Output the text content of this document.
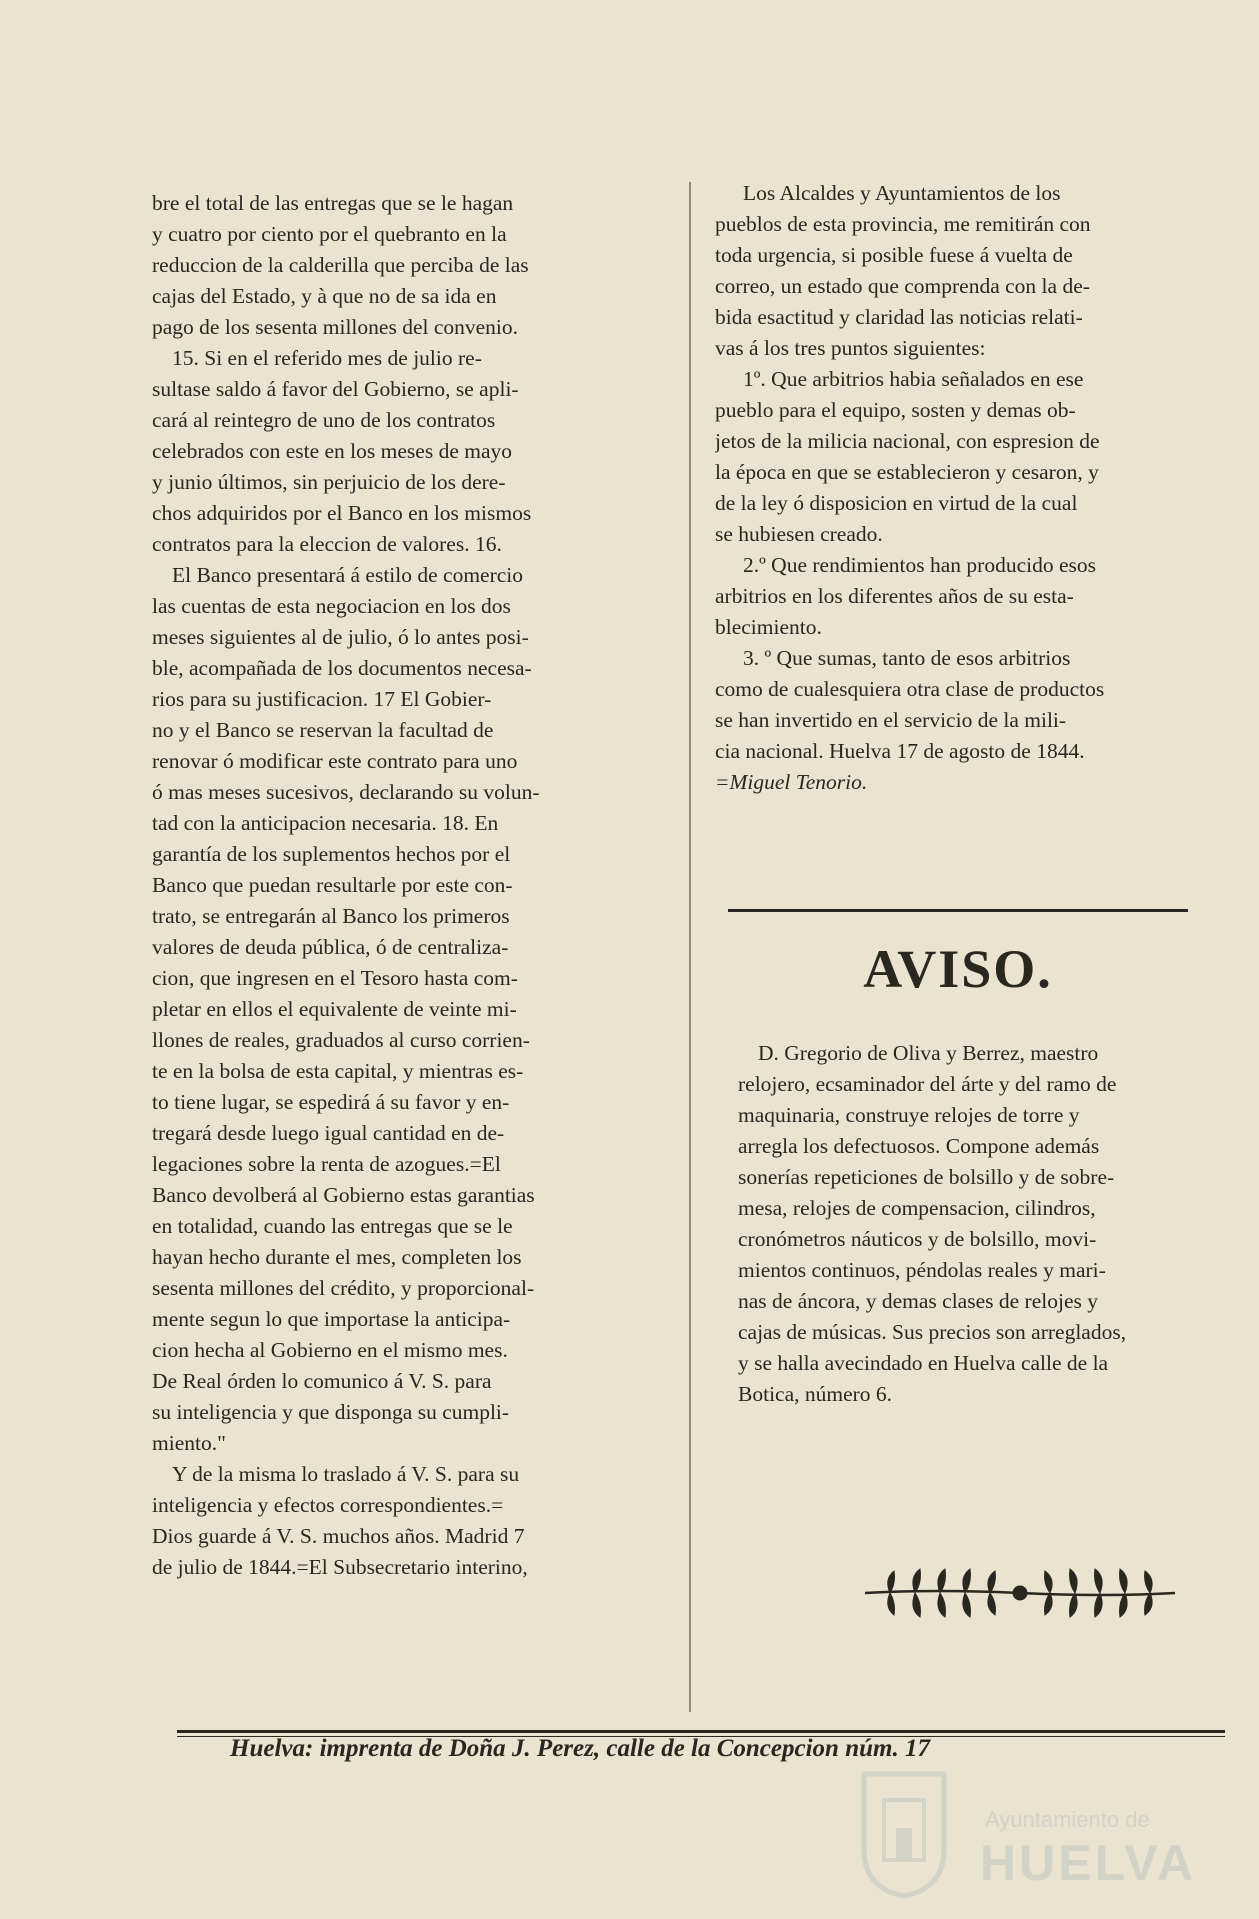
bre el total de las entregas que se le hagan
y cuatro por ciento por el quebranto en la
reduccion de la calderilla que perciba de las
cajas del Estado, y à que no de sa ida en
pago de los sesenta millones del convenio.
15. Si en el referido mes de julio re-
sultase saldo á favor del Gobierno, se apli-
cará al reintegro de uno de los contratos
celebrados con este en los meses de mayo
y junio últimos, sin perjuicio de los dere-
chos adquiridos por el Banco en los mismos
contratos para la eleccion de valores. 16.
El Banco presentará á estilo de comercio
las cuentas de esta negociacion en los dos
meses siguientes al de julio, ó lo antes posi-
ble, acompañada de los documentos necesa-
rios para su justificacion. 17 El Gobier-
no y el Banco se reservan la facultad de
renovar ó modificar este contrato para uno
ó mas meses sucesivos, declarando su volun-
tad con la anticipacion necesaria. 18. En
garantía de los suplementos hechos por el
Banco que puedan resultarle por este con-
trato, se entregarán al Banco los primeros
valores de deuda pública, ó de centraliza-
cion, que ingresen en el Tesoro hasta com-
pletar en ellos el equivalente de veinte mi-
llones de reales, graduados al curso corrien-
te en la bolsa de esta capital, y mientras es-
to tiene lugar, se espedirá á su favor y en-
tregará desde luego igual cantidad en de-
legaciones sobre la renta de azogues.=El
Banco devolberá al Gobierno estas garantias
en totalidad, cuando las entregas que se le
hayan hecho durante el mes, completen los
sesenta millones del crédito, y proporcional-
mente segun lo que importase la anticipa-
cion hecha al Gobierno en el mismo mes.
De Real órden lo comunico á V. S. para
su inteligencia y que disponga su cumpli-
miento."
Y de la misma lo traslado á V. S. para su
inteligencia y efectos correspondientes.=
Dios guarde á V. S. muchos años. Madrid 7
de julio de 1844.=El Subsecretario interino,
Los Alcaldes y Ayuntamientos de los
pueblos de esta provincia, me remitirán con
toda urgencia, si posible fuese á vuelta de
correo, un estado que comprenda con la de-
bida esactitud y claridad las noticias relati-
vas á los tres puntos siguientes:
1º. Que arbitrios habia señalados en ese
pueblo para el equipo, sosten y demas ob-
jetos de la milicia nacional, con espresion de
la época en que se establecieron y cesaron, y
de la ley ó disposicion en virtud de la cual
se hubiesen creado.
2.º Que rendimientos han producido esos
arbitrios en los diferentes años de su esta-
blecimiento.
3. º Que sumas, tanto de esos arbitrios
como de cualesquiera otra clase de productos
se han invertido en el servicio de la mili-
cia nacional. Huelva 17 de agosto de 1844.
=Miguel Tenorio.
AVISO.
D. Gregorio de Oliva y Berrez, maestro
relojero, ecsaminador del árte y del ramo de
maquinaria, construye relojes de torre y
arregla los defectuosos. Compone además
sonerías repeticiones de bolsillo y de sobre-
mesa, relojes de compensacion, cilindros,
cronómetros náuticos y de bolsillo, movi-
mientos continuos, péndolas reales y mari-
nas de áncora, y demas clases de relojes y
cajas de músicas. Sus precios son arreglados,
y se halla avecindado en Huelva calle de la
Botica, número 6.
Huelva: imprenta de Doña J. Perez, calle de la Concepcion núm. 17
Ayuntamiento de
HUELVA
